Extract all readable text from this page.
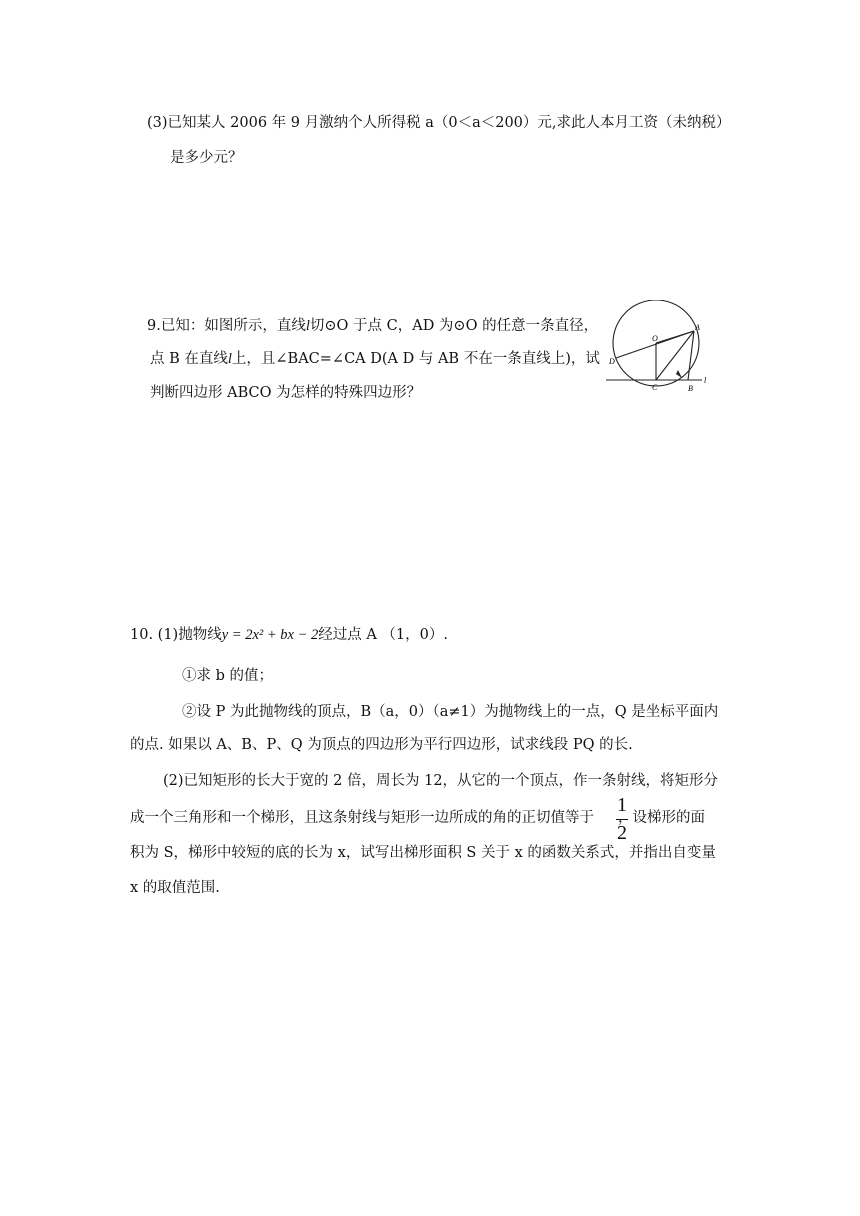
(3)已知某人 2006 年 9 月激纳个人所得税 a（0＜a＜200）元,求此人本月工资（未纳税）
是多少元？
9.已知：如图所示，直线l切⊙O 于点 C，AD 为⊙O 的任意一条直径，
点 B 在直线l上，且∠BAC=∠CA D(A D 与 AB 不在一条直线上)，试
判断四边形 ABCO 为怎样的特殊四边形？
O
A
D
C	B
l
10. (1)抛物线y = 2x² + bx − 2经过点 A （1，0）.
①求 b 的值；
②设 P 为此抛物线的顶点，B（a，0）（a≠1）为抛物线上的一点，Q 是坐标平面内
的点. 如果以 A、B、P、Q 为顶点的四边形为平行四边形，试求线段 PQ 的长.
(2)已知矩形的长大于宽的 2 倍，周长为 12，从它的一个顶点，作一条射线，将矩形分
成一个三角形和一个梯形，且这条射线与矩形一边所成的角的正切值等于 ，设梯形的面
1
2
积为 S，梯形中较短的底的长为 x，试写出梯形面积 S 关于 x 的函数关系式，并指出自变量
x 的取值范围.
